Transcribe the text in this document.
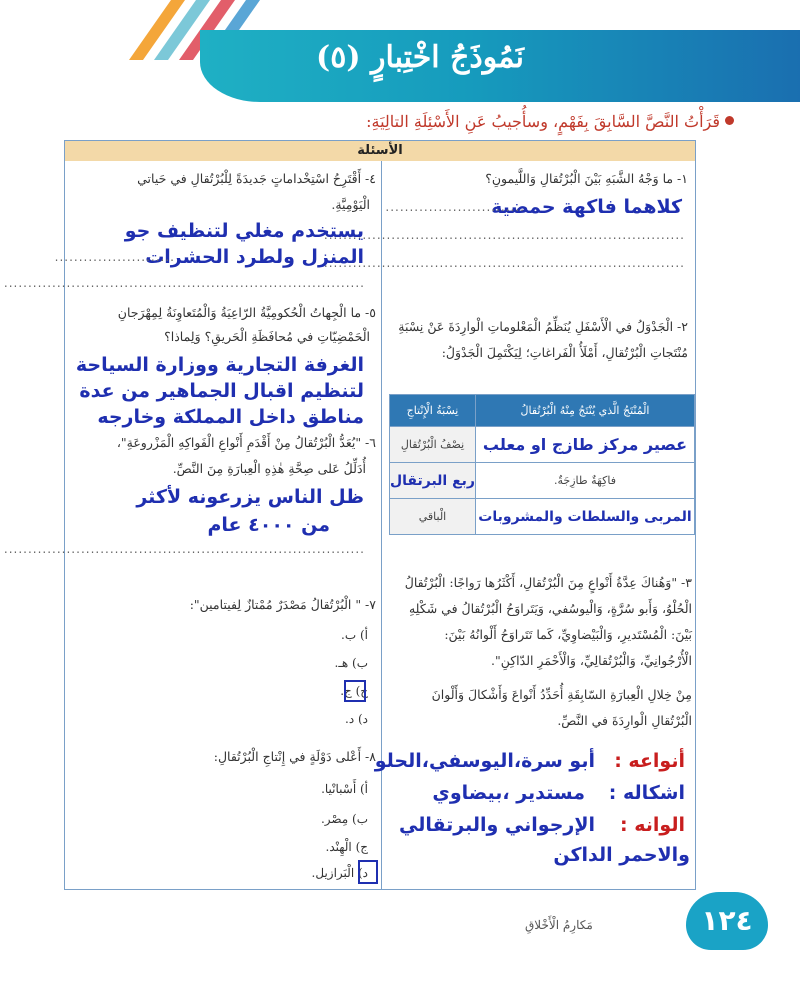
نَمُوذَجُ اخْتِبارٍ (٥)
قَرَأْتُ النَّصَّ السَّابِقَ بِفَهْمٍ، وسأُجيبُ عَنِ الأَسْئِلَةِ التالِيَةِ:
الأسئلة
١- ما وَجْهُ الشَّبَهِ بَيْنَ الْبُرْتُقالِ وَاللَّيمونِ؟
كلاهما فاكهة حمضية
.............................
...........................................................................
...........................................................................
٢- الْجَدْوَلُ في الْأَسْفَلِ يُنَظِّمُ الْمَعْلوماتِ الْوارِدَةَ عَنْ نِسْبَةِ مُنْتَجاتِ الْبُرْتُقالِ، أَمْلَأُ الْفَراغاتِ؛ لِيَكْتَمِلَ الْجَدْوَلُ:
الْمُنْتَجُ الَّذي يُنْتَجُ مِنْهُ الْبُرْتُقالُ	نِسْبَةُ الْإِنْتاجِ
عصير مركز طازج او معلب	نِصْفُ الْبُرْتُقالِ
فاكِهَةٌ طازِجَةٌ.	ربع البرتقال
المربى والسلطات والمشروبات	الْباقي
٣- "وَهُناكَ عِدَّةُ أَنْواعٍ مِنَ الْبُرْتُقالِ، أَكْثَرُها رَواجًا: الْبُرْتُقالُ
الْحُلْوُ، وَأَبو سُرَّةٍ، وَالْيوسُفي، وَيَتَراوَحُ الْبُرْتُقالُ في شَكْلِهِ
بَيْنَ: الْمُسْتَديرِ، وَالْبَيْضاوِيِّ، كَما تَتَراوَحُ أَلْوانُهُ بَيْنَ:
الْأُرْجُوانِيِّ، وَالْبُرْتُقالِيِّ، وَالْأَحْمَرِ الدّاكِنِ".
مِنْ خِلالِ الْعِبارَةِ السّابِقَةِ أُحَدِّدُ أَنْواعَ وَأَشْكالَ وَأَلْوانَ
الْبُرْتُقالِ الْوارِدَةَ في النَّصِّ.
أنواعه :
أبو سرة،اليوسفي،الحلو
اشكاله :
مستدير ،بيضاوي
الوانه :
الإرجواني والبرتقالي
والاحمر الداكن
٤- أَقْتَرِحُ اسْتِخْداماتٍ جَديدَةً لِلْبُرْتُقالِ في حَياتي
الْيَوْمِيَّةِ.
يستخدم مغلي لتنظيف جو
المنزل ولطرد الحشرات
.........................
...........................................................................
٥- ما الْجِهاتُ الْحُكومِيَّةُ الرّاعِيَةُ وَالْمُتَعاوِنَةُ لِمِهْرَجانِ
الْحَمْضِيّاتِ في مُحافَظَةِ الْحَريقِ؟ وَلِماذا؟
الغرفة التجارية ووزارة السياحة
لتنظيم اقبال الجماهير من عدة
مناطق داخل المملكة وخارجه
٦- "يُعَدُّ الْبُرْتُقالُ مِنْ أَقْدَمِ أَنْواعِ الْفَواكِهِ الْمَزْروعَةِ"،
أُدَلِّلُ عَلى صِحَّةِ هٰذِهِ الْعِبارَةِ مِنَ النَّصِّ.
ظل الناس يزرعونه لأكثر
من ٤٠٠٠ عام
...........................................................................
٧- " الْبُرْتُقالُ مَصْدَرٌ مُمْتازٌ لِفيتامين":
أ) ب.
ب) هـ.
ج) ج.
د) د.
٨- أَعْلى دَوْلَةٍ في إِنْتاجِ الْبُرْتُقالِ:
أ) أَسْبانْيا.
ب) مِصْر.
ج) الْهِنْد.
د) الْبَرازيل.
١٢٤
مَكارِمُ الْأَخْلاقِ
